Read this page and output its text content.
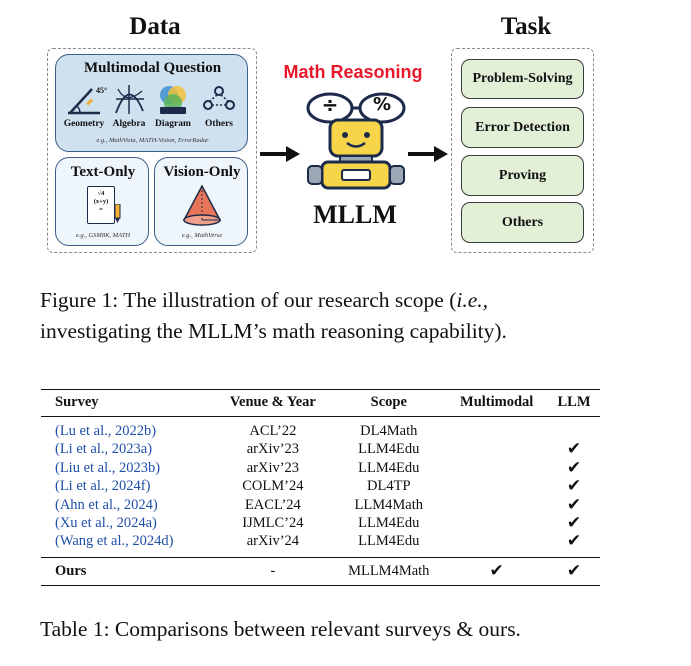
Data	Task
Multimodal Question
45°
Geometry Algebra	Diagram	Others
e.g., MathVista, MATH-Vision, ErrorRadar
Text-Only
√4
(x+y)
=
e.g., GSM8K, MATH
Vision-Only
e.g., MathVerse
Math Reasoning
÷	%
MLLM
Problem-Solving
Error Detection
Proving
Others
Figure 1: The illustration of our research scope (i.e.,
investigating the MLLM’s math reasoning capability).
Survey	Venue & Year	Scope	Multimodal	LLM
(Lu et al., 2022b)	ACL’22	DL4Math		
(Li et al., 2023a)	arXiv’23	LLM4Edu		✔
(Liu et al., 2023b)	arXiv’23	LLM4Edu		✔
(Li et al., 2024f)	COLM’24	DL4TP		✔
(Ahn et al., 2024)	EACL’24	LLM4Math		✔
(Xu et al., 2024a)	IJMLC’24	LLM4Edu		✔
(Wang et al., 2024d)	arXiv’24	LLM4Edu		✔
Ours	-	MLLM4Math	✔	✔
Table 1: Comparisons between relevant surveys & ours.
